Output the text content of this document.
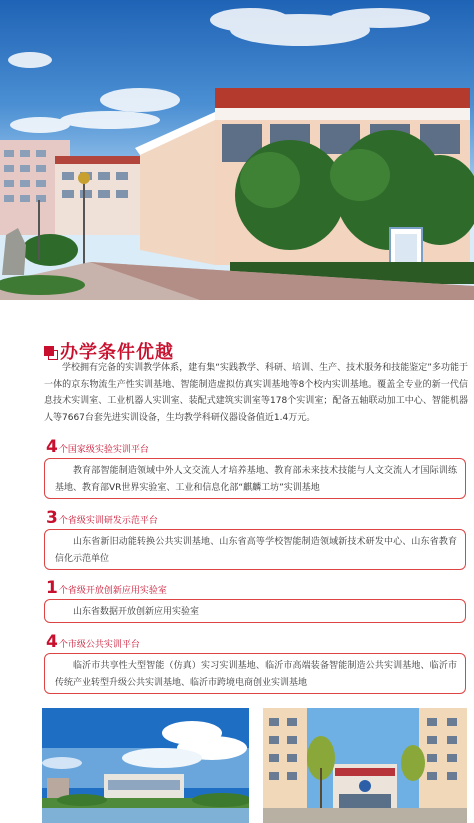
办学条件优越

学校拥有完备的实训教学体系，建有集“实践教学、科研、培训、生产、技术服务和技能鉴定”多功能于一体的京东物流生产性实训基地、智能制造虚拟仿真实训基地等8个校内实训基地。覆盖全专业的新一代信息技术实训室、工业机器人实训室、装配式建筑实训室等178个实训室；配备五轴联动加工中心、智能机器人等7667台套先进实训设备，生均教学科研仪器设备值近1.4万元。

4 个国家级实验实训平台
教育部智能制造领域中外人文交流人才培养基地、教育部未来技术技能与人文交流人才国际训练基地、教育部VR世界实验室、工业和信息化部“麒麟工坊”实训基地
3 个省级实训研发示范平台
山东省新旧动能转换公共实训基地、山东省高等学校智能制造领域新技术研发中心、山东省教育信化示范单位
1 个省级开放创新应用实验室
山东省数据开放创新应用实验室
4 个市级公共实训平台
临沂市共享性大型智能（仿真）实习实训基地、临沂市高端装备智能制造公共实训基地、临沂市传统产业转型升级公共实训基地、临沂市跨境电商创业实训基地
